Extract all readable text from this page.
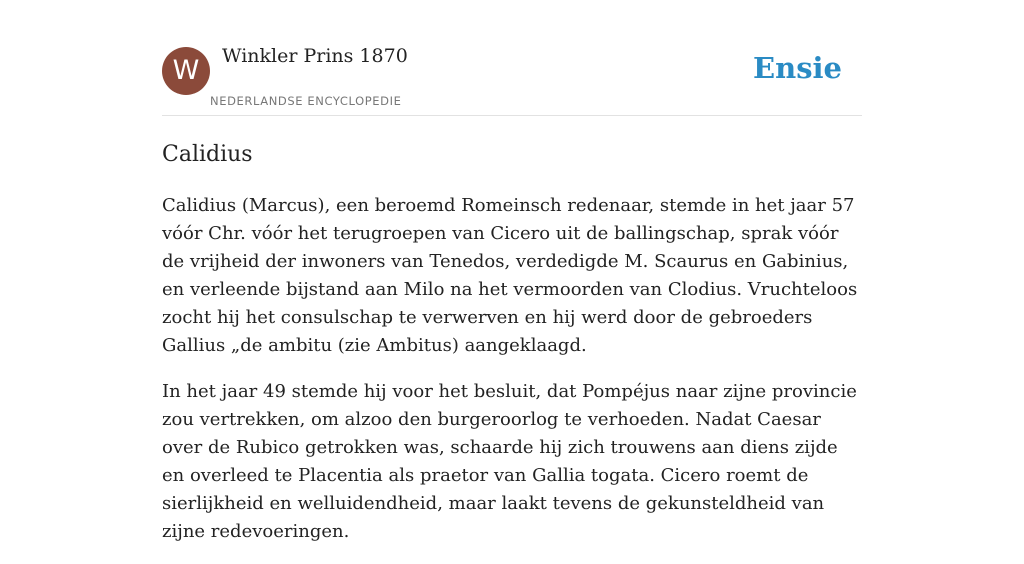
W	Winkler Prins 1870
NEDERLANDSE ENCYCLOPEDIE
Ensie
Calidius

Calidius (Marcus), een beroemd Romeinsch redenaar, stemde in het jaar 57 vóór Chr. vóór het terugroepen van Cicero uit de ballingschap, sprak vóór de vrijheid der inwoners van Tenedos, verdedigde M. Scaurus en Gabinius, en verleende bijstand aan Milo na het vermoorden van Clodius. Vruchteloos zocht hij het consulschap te verwerven en hij werd door de gebroeders Gallius „de ambitu (zie Ambitus) aangeklaagd.

In het jaar 49 stemde hij voor het besluit, dat Pompéjus naar zijne provincie zou vertrekken, om alzoo den burgeroorlog te verhoeden. Nadat Caesar over de Rubico getrokken was, schaarde hij zich trouwens aan diens zijde en overleed te Placentia als praetor van Gallia togata. Cicero roemt de sierlijkheid en welluidendheid, maar laakt tevens de gekunsteldheid van zijne redevoeringen.
